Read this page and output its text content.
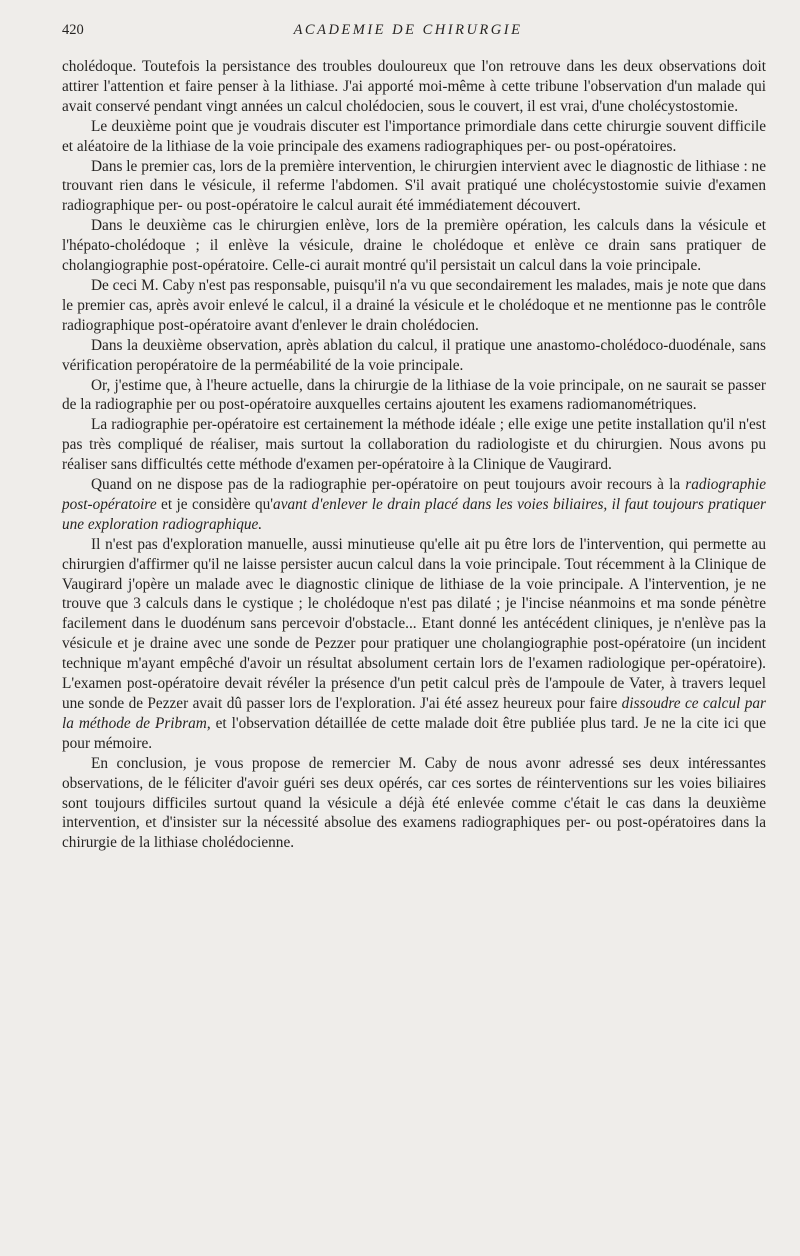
420	ACADEMIE DE CHIRURGIE

cholédoque. Toutefois la persistance des troubles douloureux que l'on retrouve dans les deux observations doit attirer l'attention et faire penser à la lithiase. J'ai apporté moi-même à cette tribune l'observation d'un malade qui avait conservé pendant vingt années un calcul cholédocien, sous le couvert, il est vrai, d'une cholécystostomie.

Le deuxième point que je voudrais discuter est l'importance primordiale dans cette chirurgie souvent difficile et aléatoire de la lithiase de la voie principale des examens radiographiques per- ou post-opératoires.

Dans le premier cas, lors de la première intervention, le chirurgien intervient avec le diagnostic de lithiase : ne trouvant rien dans le vésicule, il referme l'abdomen. S'il avait pratiqué une cholécystostomie suivie d'examen radiographique per- ou post-opératoire le calcul aurait été immédiatement découvert.

Dans le deuxième cas le chirurgien enlève, lors de la première opération, les calculs dans la vésicule et l'hépato-cholédoque ; il enlève la vésicule, draine le cholédoque et enlève ce drain sans pratiquer de cholangiographie post-opératoire. Celle-ci aurait montré qu'il persistait un calcul dans la voie principale.

De ceci M. Caby n'est pas responsable, puisqu'il n'a vu que secondairement les malades, mais je note que dans le premier cas, après avoir enlevé le calcul, il a drainé la vésicule et le cholédoque et ne mentionne pas le contrôle radiographique post-opératoire avant d'enlever le drain cholédocien.

Dans la deuxième observation, après ablation du calcul, il pratique une anastomo-cholédoco-duodénale, sans vérification peropératoire de la perméabilité de la voie principale.

Or, j'estime que, à l'heure actuelle, dans la chirurgie de la lithiase de la voie principale, on ne saurait se passer de la radiographie per ou post-opératoire auxquelles certains ajoutent les examens radiomanométriques.

La radiographie per-opératoire est certainement la méthode idéale ; elle exige une petite installation qu'il n'est pas très compliqué de réaliser, mais surtout la collaboration du radiologiste et du chirurgien. Nous avons pu réaliser sans difficultés cette méthode d'examen per-opératoire à la Clinique de Vaugirard.

Quand on ne dispose pas de la radiographie per-opératoire on peut toujours avoir recours à la radiographie post-opératoire et je considère qu'avant d'enlever le drain placé dans les voies biliaires, il faut toujours pratiquer une exploration radiographique.

Il n'est pas d'exploration manuelle, aussi minutieuse qu'elle ait pu être lors de l'intervention, qui permette au chirurgien d'affirmer qu'il ne laisse persister aucun calcul dans la voie principale. Tout récemment à la Clinique de Vaugirard j'opère un malade avec le diagnostic clinique de lithiase de la voie principale. A l'intervention, je ne trouve que 3 calculs dans le cystique ; le cholédoque n'est pas dilaté ; je l'incise néanmoins et ma sonde pénètre facilement dans le duodénum sans percevoir d'obstacle... Etant donné les antécédent cliniques, je n'enlève pas la vésicule et je draine avec une sonde de Pezzer pour pratiquer une cholangiographie post-opératoire (un incident technique m'ayant empêché d'avoir un résultat absolument certain lors de l'examen radiologique per-opératoire). L'examen post-opératoire devait révéler la présence d'un petit calcul près de l'ampoule de Vater, à travers lequel une sonde de Pezzer avait dû passer lors de l'exploration. J'ai été assez heureux pour faire dissoudre ce calcul par la méthode de Pribram, et l'observation détaillée de cette malade doit être publiée plus tard. Je ne la cite ici que pour mémoire.

En conclusion, je vous propose de remercier M. Caby de nous avonr adressé ses deux intéressantes observations, de le féliciter d'avoir guéri ses deux opérés, car ces sortes de réinterventions sur les voies biliaires sont toujours difficiles surtout quand la vésicule a déjà été enlevée comme c'était le cas dans la deuxième intervention, et d'insister sur la nécessité absolue des examens radiographiques per- ou post-opératoires dans la chirurgie de la lithiase cholédocienne.
